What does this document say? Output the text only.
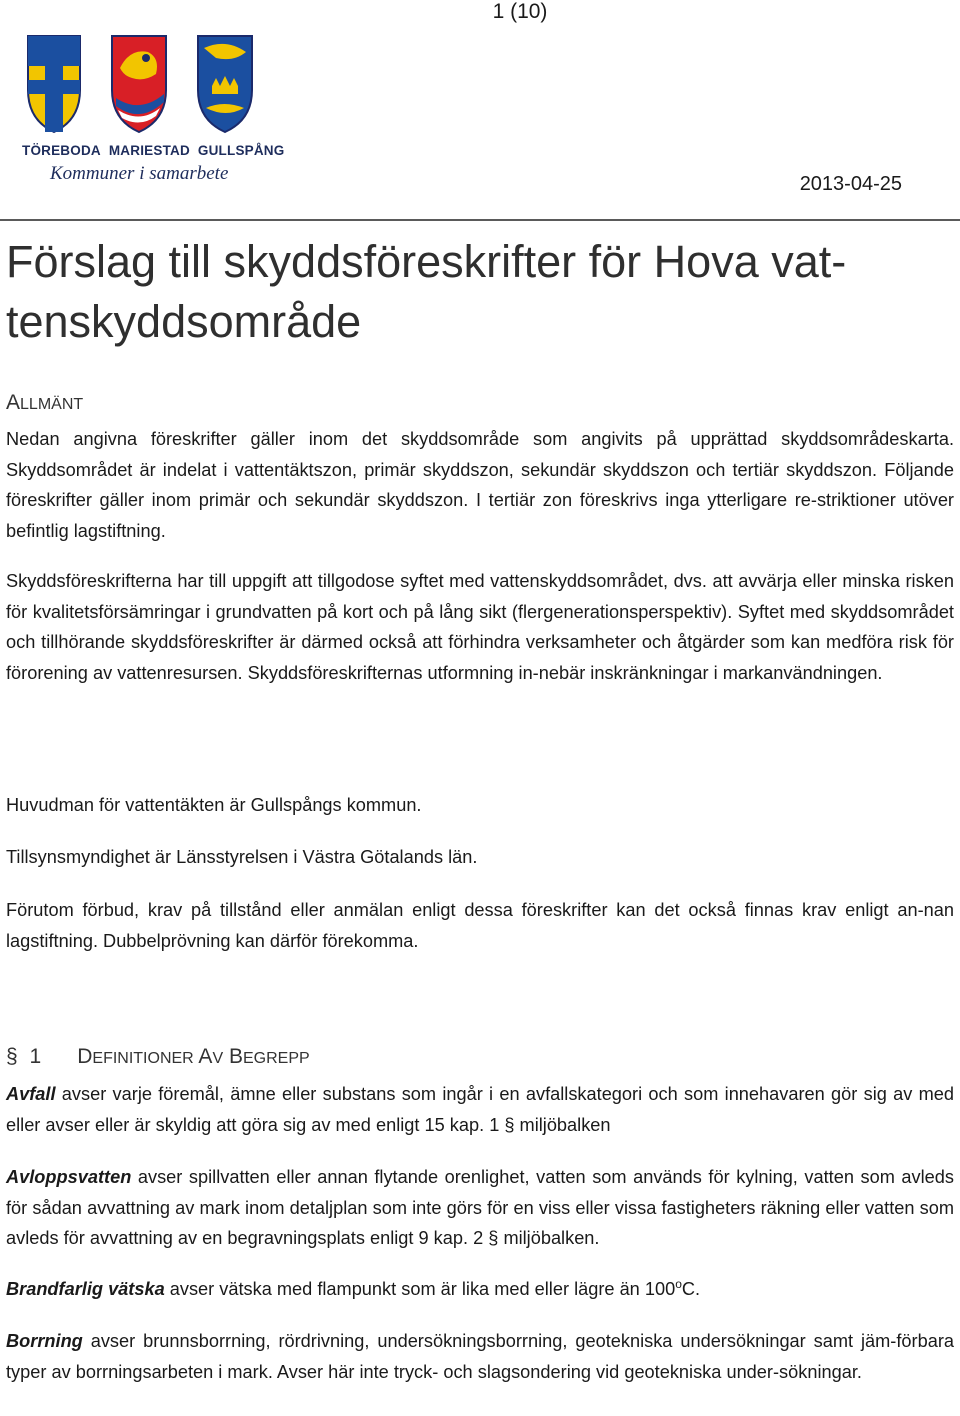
1 (10)
TÖREBODA MARIESTAD GULLSPÅNG
Kommuner i samarbete	2013-04-25
Förslag till skyddsföreskrifter för Hova vat-
tenskyddsområde
ALLMÄNT

Nedan angivna föreskrifter gäller inom det skyddsområde som angivits på upprättad skyddsområdeskarta. Skyddsområdet är indelat i vattentäktszon, primär skyddszon, sekundär skyddszon och tertiär skyddszon. Följande föreskrifter gäller inom primär och sekundär skyddszon. I tertiär zon föreskrivs inga ytterligare re-striktioner utöver befintlig lagstiftning.

Skyddsföreskrifterna har till uppgift att tillgodose syftet med vattenskyddsområdet, dvs. att avvärja eller minska risken för kvalitetsförsämringar i grundvatten på kort och på lång sikt (flergenerationsperspektiv). Syftet med skyddsområdet och tillhörande skyddsföreskrifter är därmed också att förhindra verksamheter och åtgärder som kan medföra risk för förorening av vattenresursen. Skyddsföreskrifternas utformning in-nebär inskränkningar i markanvändningen.

Huvudman för vattentäkten är Gullspångs kommun.

Tillsynsmyndighet är Länsstyrelsen i Västra Götalands län.

Förutom förbud, krav på tillstånd eller anmälan enligt dessa föreskrifter kan det också finnas krav enligt an-nan lagstiftning. Dubbelprövning kan därför förekomma.

§ 1 DEFINITIONER AV BEGREPP

Avfall avser varje föremål, ämne eller substans som ingår i en avfallskategori och som innehavaren gör sig av med eller avser eller är skyldig att göra sig av med enligt 15 kap. 1 § miljöbalken

Avloppsvatten avser spillvatten eller annan flytande orenlighet, vatten som används för kylning, vatten som avleds för sådan avvattning av mark inom detaljplan som inte görs för en viss eller vissa fastigheters räkning eller vatten som avleds för avvattning av en begravningsplats enligt 9 kap. 2 § miljöbalken.

Brandfarlig vätska avser vätska med flampunkt som är lika med eller lägre än 100$^o$C.

Borrning avser brunnsborrning, rördrivning, undersökningsborrning, geotekniska undersökningar samt jäm-förbara typer av borrningsarbeten i mark. Avser här inte tryck- och slagsondering vid geotekniska under-sökningar.
